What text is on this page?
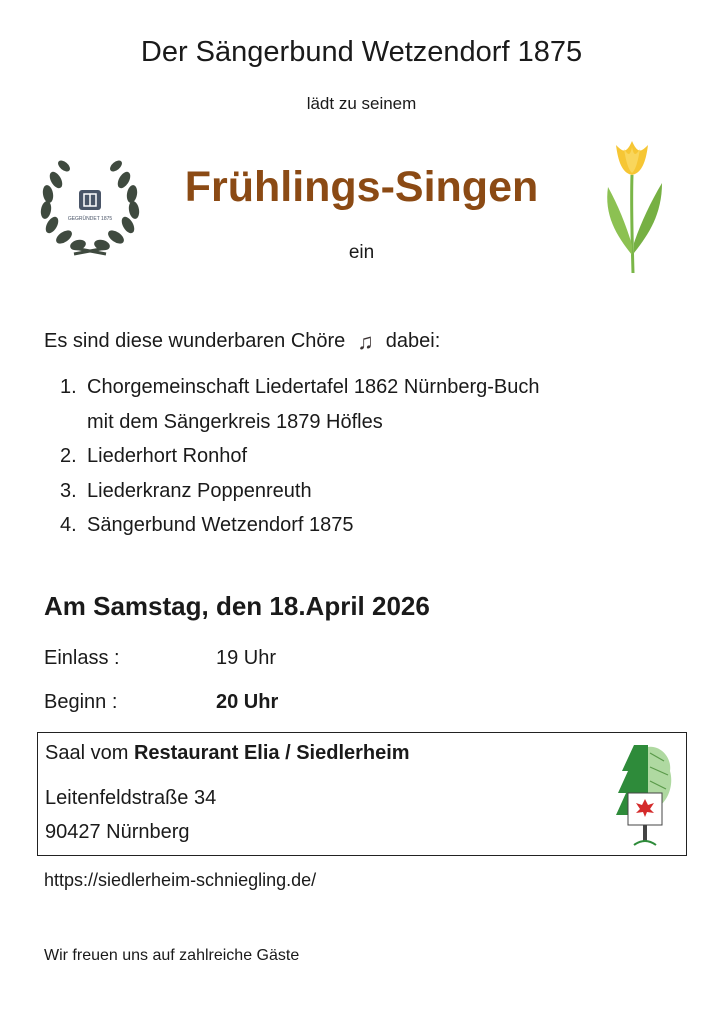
Der Sängerbund Wetzendorf 1875
lädt zu seinem
GEGRÜNDET 1875
Frühlings-Singen
ein
Es sind diese wunderbaren Chöre ♫ dabei:
1. Chorgemeinschaft Liedertafel 1862 Nürnberg-Buch
mit dem Sängerkreis 1879 Höfles
2. Liederhort Ronhof
3. Liederkranz Poppenreuth
4. Sängerbund Wetzendorf 1875
Am Samstag, den 18.April 2026
Einlass :	19 Uhr
Beginn :	20 Uhr
Saal vom Restaurant Elia / Siedlerheim
Leitenfeldstraße 34
90427 Nürnberg
https://siedlerheim-schniegling.de/
Wir freuen uns auf zahlreiche Gäste
